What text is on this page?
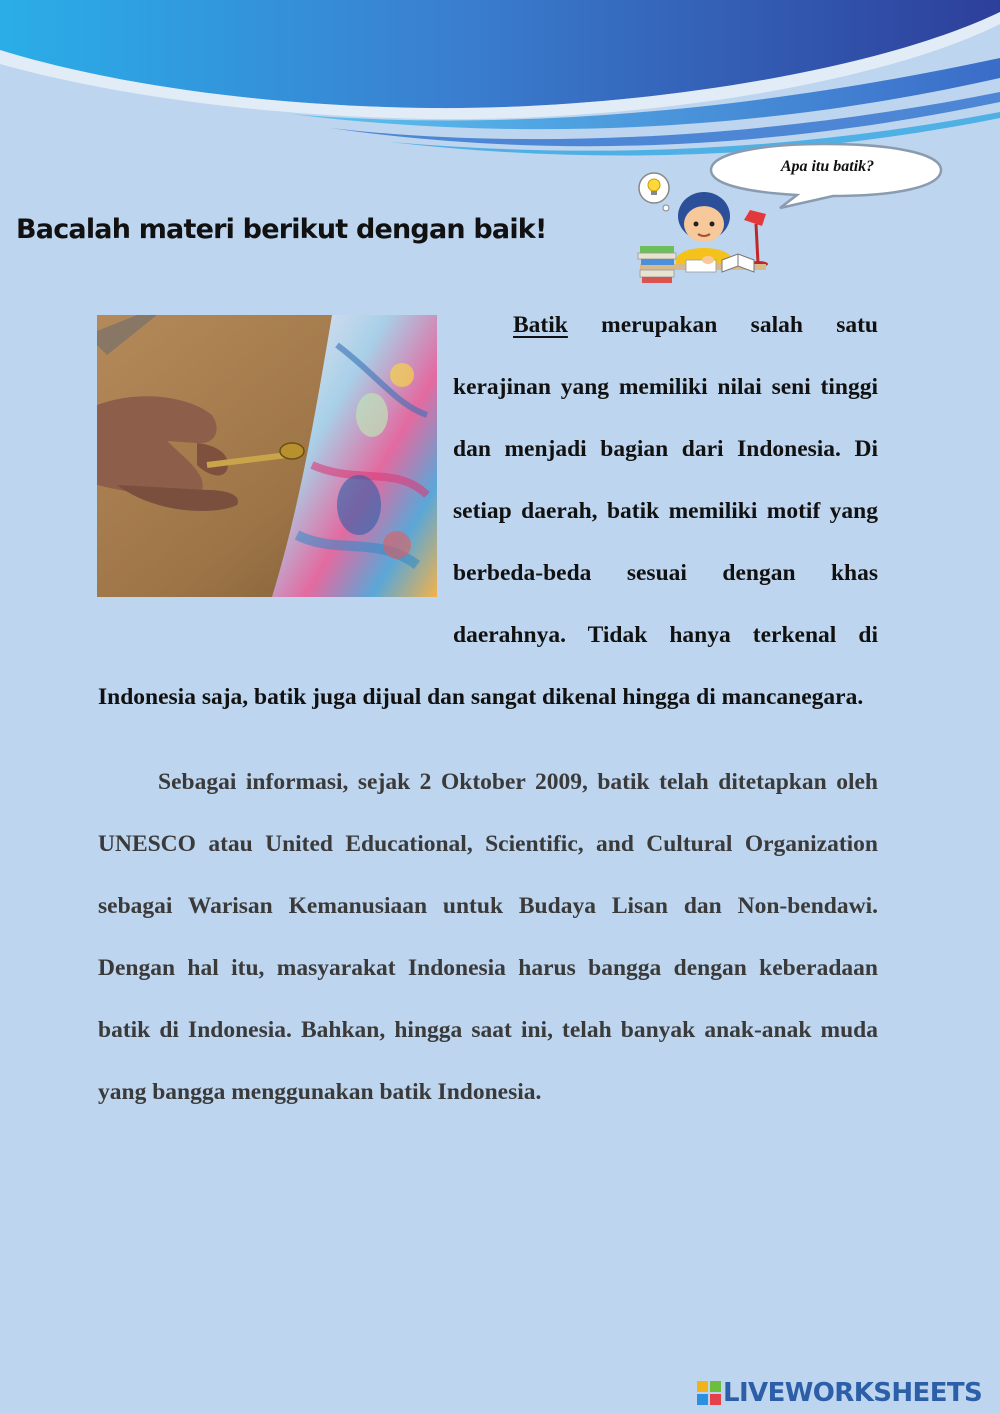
Bacalah materi berikut dengan baik!
Apa itu batik?

Batik merupakan salah satu kerajinan yang memiliki nilai seni tinggi dan menjadi bagian dari Indonesia. Di setiap daerah, batik memiliki motif yang berbeda-beda sesuai dengan khas daerahnya. Tidak hanya terkenal di Indonesia saja, batik juga dijual dan sangat dikenal hingga di mancanegara.

Sebagai informasi, sejak 2 Oktober 2009, batik telah ditetapkan oleh UNESCO atau United Educational, Scientific, and Cultural Organization sebagai Warisan Kemanusiaan untuk Budaya Lisan dan Non-bendawi. Dengan hal itu, masyarakat Indonesia harus bangga dengan keberadaan batik di Indonesia. Bahkan, hingga saat ini, telah banyak anak-anak muda yang bangga menggunakan batik Indonesia.

LIVEWORKSHEETS
